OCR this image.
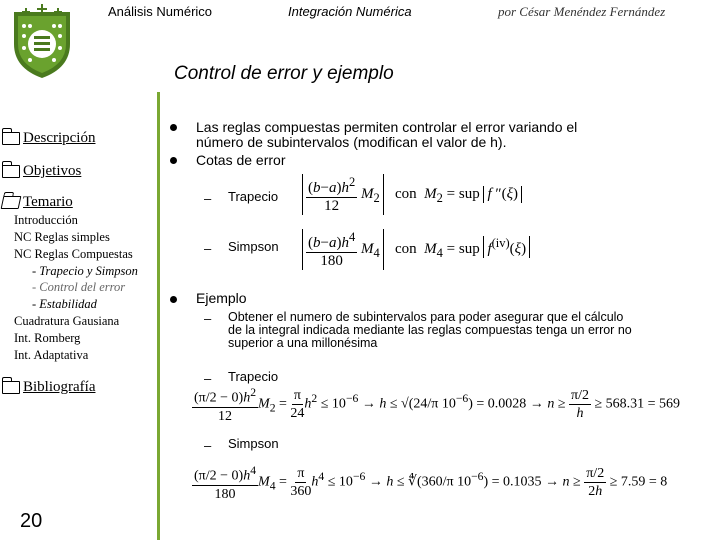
Análisis Numérico	Integración Numérica	por César Menéndez Fernández
Control de error y ejemplo
Descripción
Objetivos
Temario
Introducción
NC Reglas simples
NC Reglas Compuestas
- Trapecio y Simpson
- Control del error
- Estabilidad
Cuadratura Gausiana
Int. Romberg
Int. Adaptativa
Bibliografía
20
Las reglas compuestas permiten controlar el error variando el
número de subintervalos (modifican el valor de h).
Cotas de error
– Trapecio $\frac{(b-a)h^2}{12} M_2$   con  $M_2$ = sup f ″(ξ)
– Simpson $\frac{(b-a)h^4}{180} M_4$   con  $M_4$ = sup $f^{(iv)}(\xi)$
Ejemplo
– Obtener el numero de subintervalos para poder asegurar que el cálculo
de la integral indicada mediante las reglas compuestas tenga un error no
superior a una millonésima
– Trapecio
$\frac{(\pi/2 - 0)h^2}{12} M_2 = \frac{\pi}{24} h^2 \le 10^{-6} \to h \le √(24/\pi$ $10^{-6}) = 0.0028 \to n \ge \frac{\pi/2}{h} \ge 568.31 = 569$
– Simpson
$\frac{(\pi/2 - 0)h^4}{180} M_4 = \frac{\pi}{360} h^4 \le 10^{-6} \to h$ ≤ ∜(360/π $10^{-6}) = 0.1035 \to n \ge \frac{\pi/2}{2h} \ge 7.59 = 8$
